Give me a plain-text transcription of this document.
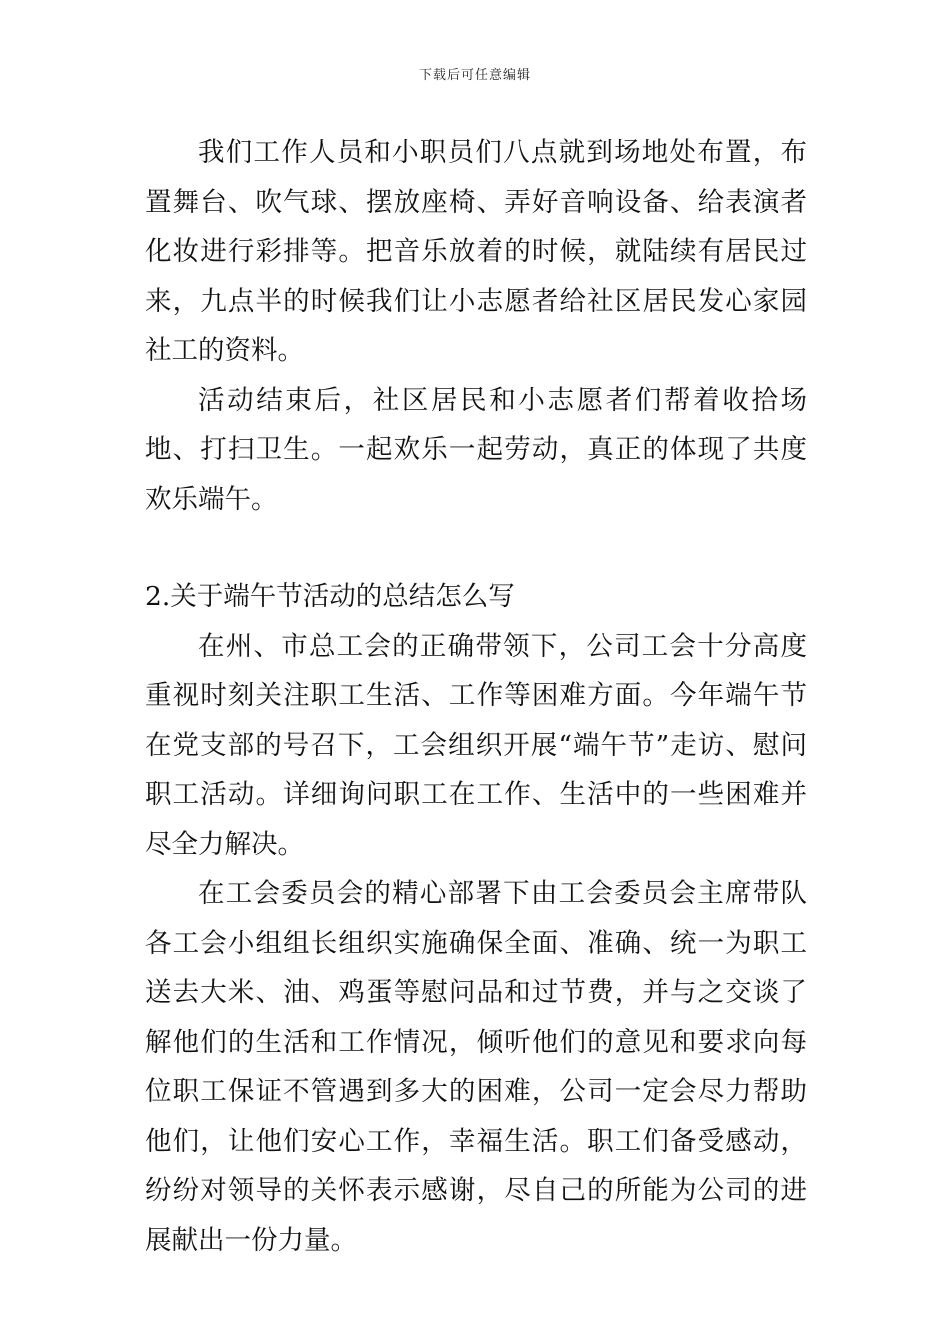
下载后可任意编辑

我们工作人员和小职员们八点就到场地处布置，布置舞台、吹气球、摆放座椅、弄好音响设备、给表演者化妆进行彩排等。把音乐放着的时候，就陆续有居民过来，九点半的时候我们让小志愿者给社区居民发心家园社工的资料。

活动结束后，社区居民和小志愿者们帮着收拾场地、打扫卫生。一起欢乐一起劳动，真正的体现了共度欢乐端午。

2.关于端午节活动的总结怎么写

在州、市总工会的正确带领下，公司工会十分高度重视时刻关注职工生活、工作等困难方面。今年端午节在党支部的号召下，工会组织开展“端午节”走访、慰问职工活动。详细询问职工在工作、生活中的一些困难并尽全力解决。

在工会委员会的精心部署下由工会委员会主席带队各工会小组组长组织实施确保全面、准确、统一为职工送去大米、油、鸡蛋等慰问品和过节费，并与之交谈了解他们的生活和工作情况，倾听他们的意见和要求向每位职工保证不管遇到多大的困难，公司一定会尽力帮助他们，让他们安心工作，幸福生活。职工们备受感动，纷纷对领导的关怀表示感谢，尽自己的所能为公司的进展献出一份力量。
